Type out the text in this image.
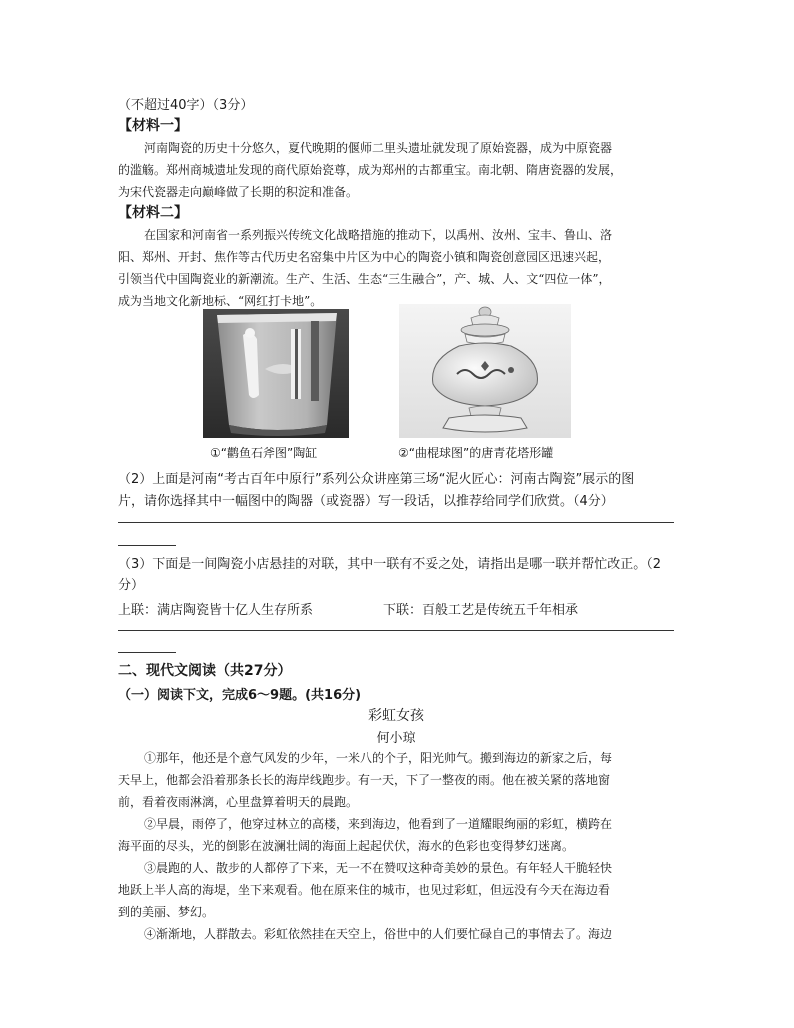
（不超过40字）（3分）
【材料一】
河南陶瓷的历史十分悠久，夏代晚期的偃师二里头遗址就发现了原始瓷器，成为中原瓷器
的滥觞。郑州商城遗址发现的商代原始瓷尊，成为郑州的古都重宝。南北朝、隋唐瓷器的发展，
为宋代瓷器走向巅峰做了长期的积淀和准备。
【材料二】
在国家和河南省一系列振兴传统文化战略措施的推动下，以禹州、汝州、宝丰、鲁山、洛
阳、郑州、开封、焦作等古代历史名窑集中片区为中心的陶瓷小镇和陶瓷创意园区迅速兴起，
引领当代中国陶瓷业的新潮流。生产、生活、生态“三生融合”，产、城、人、文“四位一体”，
成为当地文化新地标、“网红打卡地”。
①“鹳鱼石斧图”陶缸	②“曲棍球图”的唐青花塔形罐
（2）上面是河南“考古百年中原行”系列公众讲座第三场“泥火匠心：河南古陶瓷”展示的图
片，请你选择其中一幅图中的陶器（或瓷器）写一段话，以推荐给同学们欣赏。（4分）
（3）下面是一间陶瓷小店悬挂的对联，其中一联有不妥之处，请指出是哪一联并帮忙改正。（2
分）
上联：满店陶瓷皆十亿人生存所系	下联：百般工艺是传统五千年相承
二、现代文阅读（共27分）
（一）阅读下文，完成6～9题。(共16分)
彩虹女孩
何小琼
①那年，他还是个意气风发的少年，一米八的个子，阳光帅气。搬到海边的新家之后，每
天早上，他都会沿着那条长长的海岸线跑步。有一天，下了一整夜的雨。他在被关紧的落地窗
前，看着夜雨淋漓，心里盘算着明天的晨跑。
②早晨，雨停了，他穿过林立的高楼，来到海边，他看到了一道耀眼绚丽的彩虹，横跨在
海平面的尽头，光的倒影在波澜壮阔的海面上起起伏伏，海水的色彩也变得梦幻迷离。
③晨跑的人、散步的人都停了下来，无一不在赞叹这种奇美妙的景色。有年轻人干脆轻快
地跃上半人高的海堤，坐下来观看。他在原来住的城市，也见过彩虹，但远没有今天在海边看
到的美丽、梦幻。
④渐渐地，人群散去。彩虹依然挂在天空上，俗世中的人们要忙碌自己的事情去了。海边
